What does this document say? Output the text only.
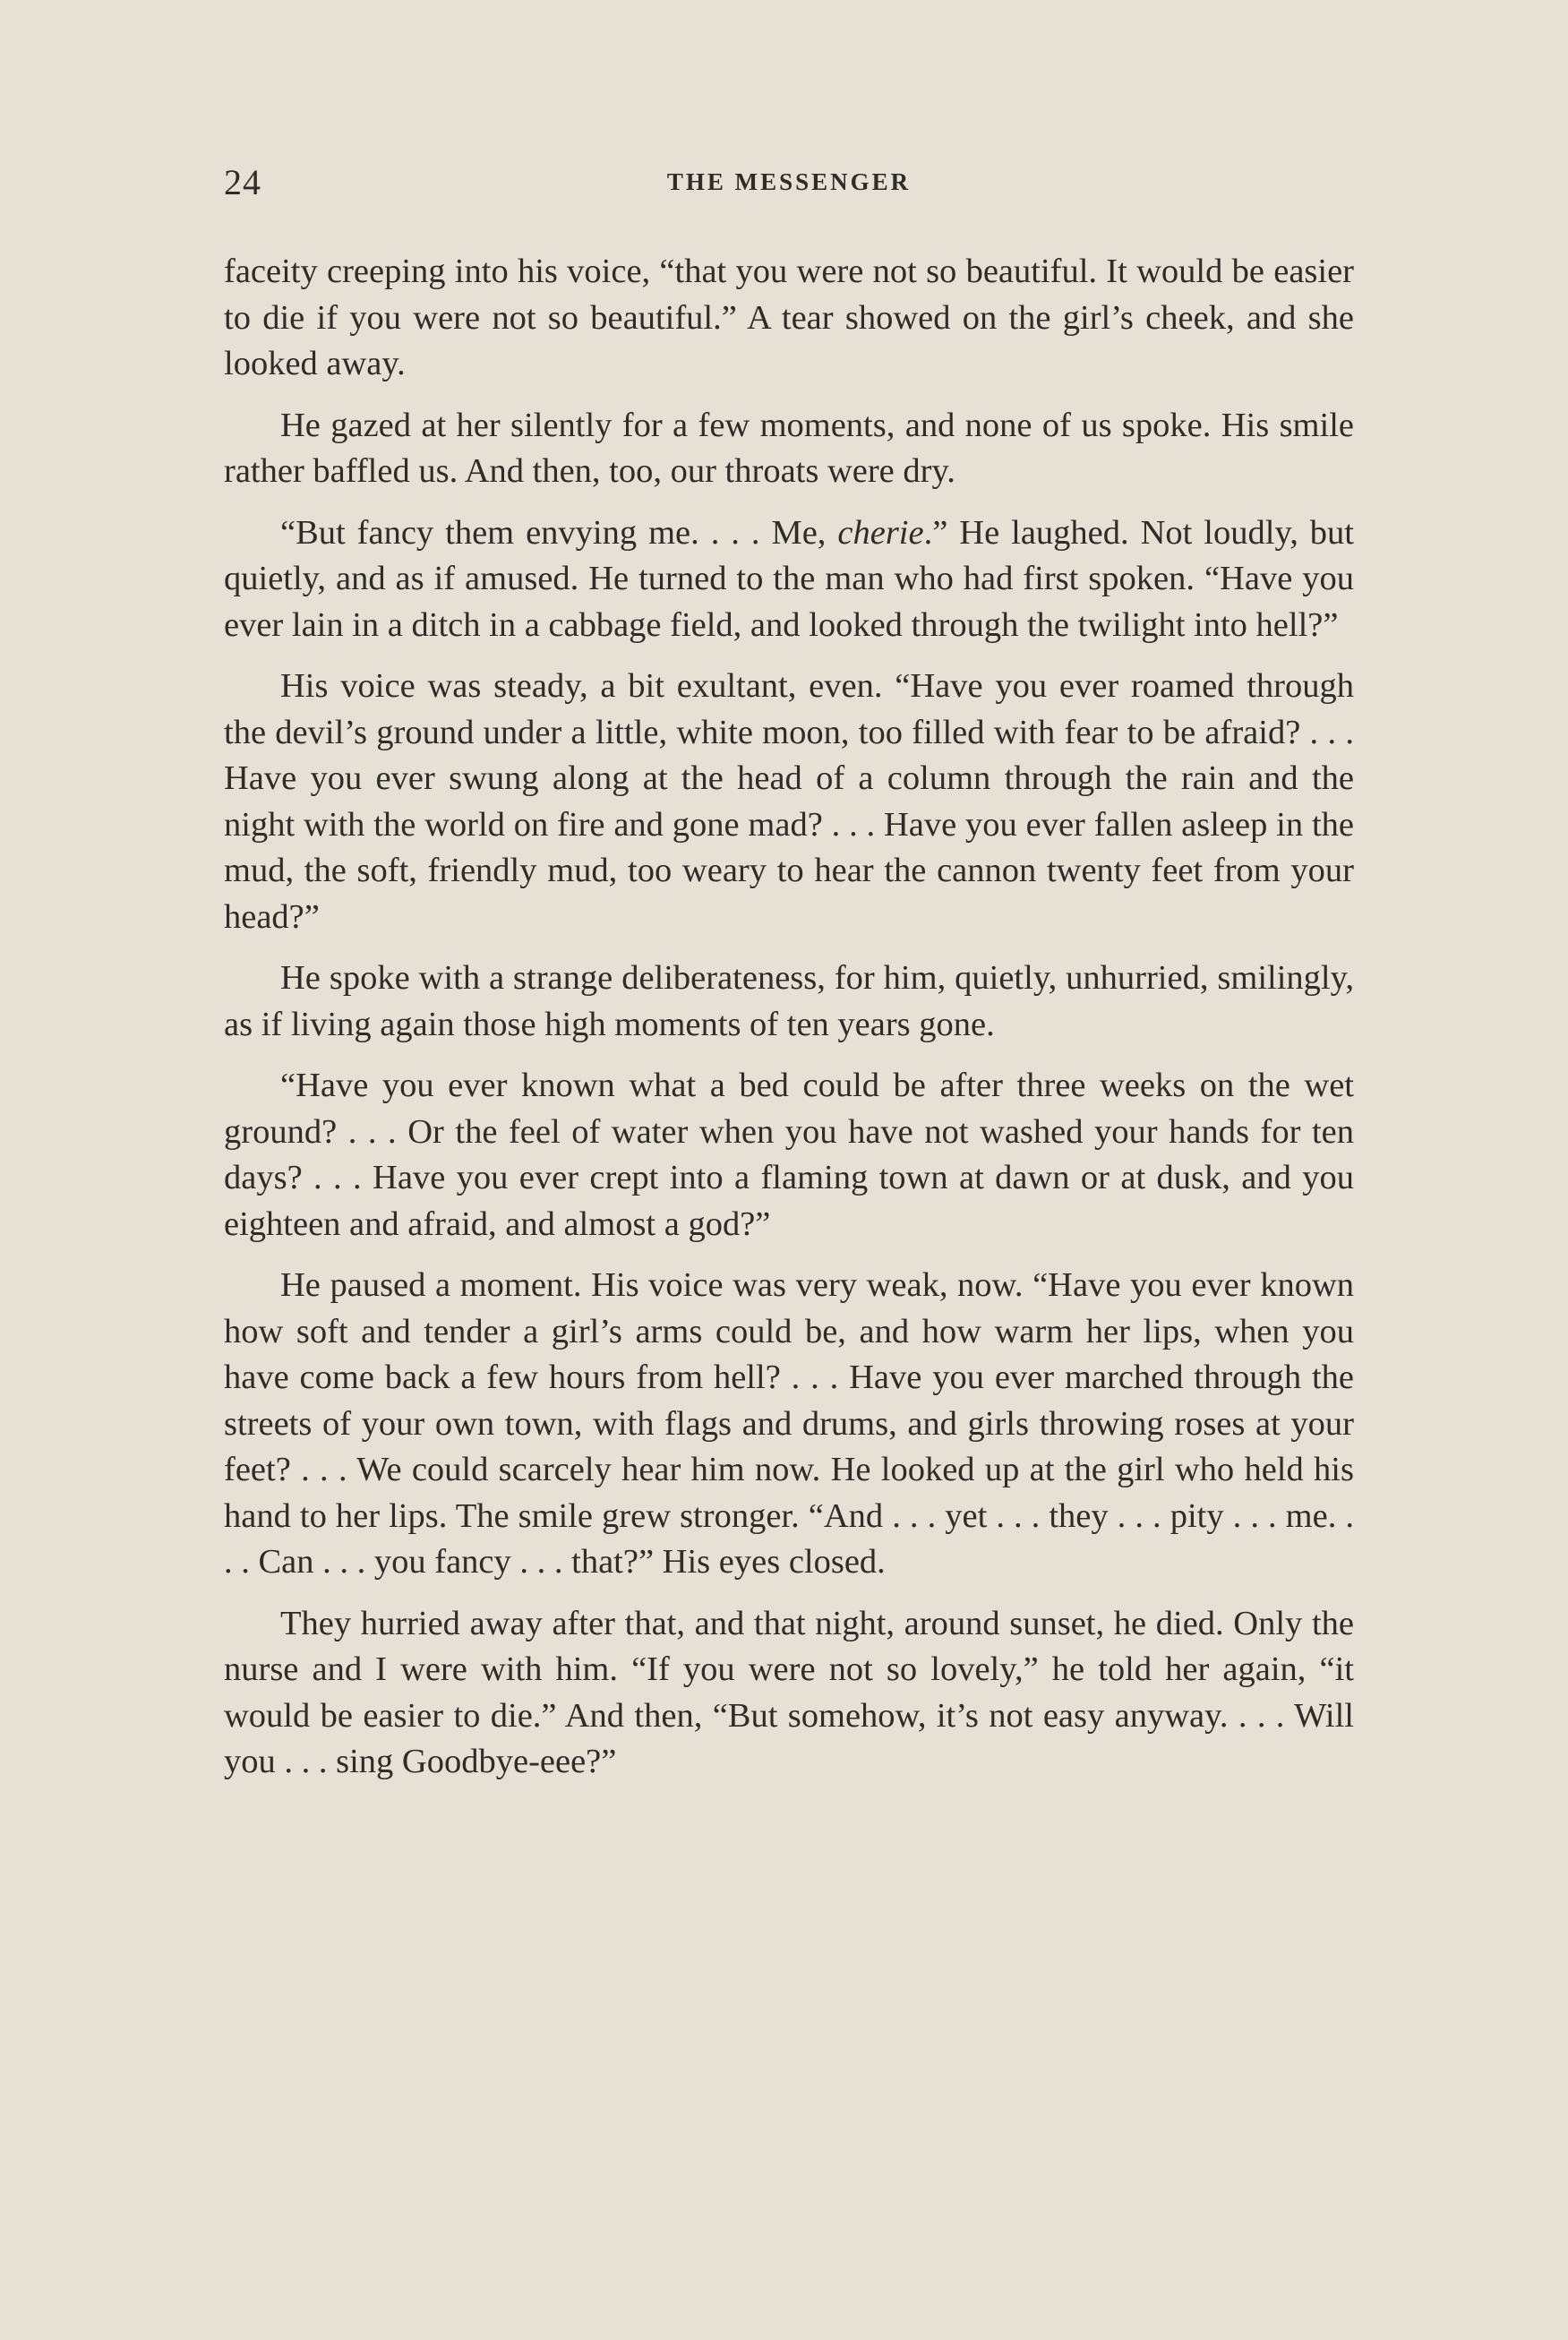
24	THE MESSENGER

faceity creeping into his voice, “that you were not so beautiful. It would be easier to die if you were not so beautiful.” A tear showed on the girl’s cheek, and she looked away.

He gazed at her silently for a few moments, and none of us spoke. His smile rather baffled us. And then, too, our throats were dry.

“But fancy them envying me. . . . Me, cherie.” He laughed. Not loudly, but quietly, and as if amused. He turned to the man who had first spoken. “Have you ever lain in a ditch in a cabbage field, and looked through the twilight into hell?”

His voice was steady, a bit exultant, even. “Have you ever roamed through the devil’s ground under a little, white moon, too filled with fear to be afraid? . . . Have you ever swung along at the head of a column through the rain and the night with the world on fire and gone mad? . . . Have you ever fallen asleep in the mud, the soft, friendly mud, too weary to hear the cannon twenty feet from your head?”

He spoke with a strange deliberateness, for him, quietly, unhurried, smilingly, as if living again those high moments of ten years gone.

“Have you ever known what a bed could be after three weeks on the wet ground? . . . Or the feel of water when you have not washed your hands for ten days? . . . Have you ever crept into a flaming town at dawn or at dusk, and you eighteen and afraid, and almost a god?”

He paused a moment. His voice was very weak, now. “Have you ever known how soft and tender a girl’s arms could be, and how warm her lips, when you have come back a few hours from hell? . . . Have you ever marched through the streets of your own town, with flags and drums, and girls throwing roses at your feet? . . . We could scarcely hear him now. He looked up at the girl who held his hand to her lips. The smile grew stronger. “And . . . yet . . . they . . . pity . . . me. . . . Can . . . you fancy . . . that?” His eyes closed.

They hurried away after that, and that night, around sunset, he died. Only the nurse and I were with him. “If you were not so lovely,” he told her again, “it would be easier to die.” And then, “But somehow, it’s not easy anyway. . . . Will you . . . sing Goodbye-eee?”
